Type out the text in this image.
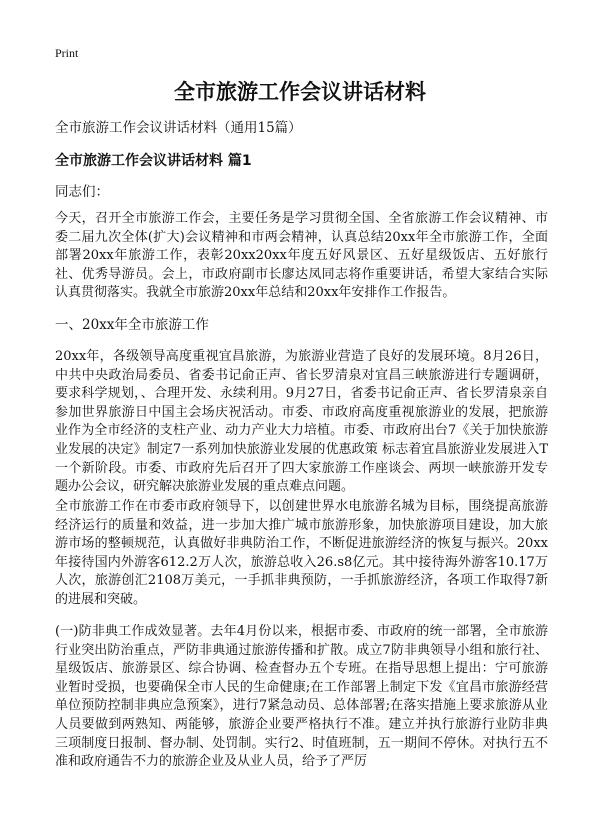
Print
全市旅游工作会议讲话材料
全市旅游工作会议讲话材料（通用15篇）
全市旅游工作会议讲话材料 篇1
同志们：
今天，召开全市旅游工作会，主要任务是学习贯彻全国、全省旅游工作会议精神、市委二届九次全体(扩大)会议精神和市两会精神，认真总结20xx年全市旅游工作，全面部署20xx年旅游工作，表彰20xx20xx年度五好风景区、五好星级饭店、五好旅行社、优秀导游员。会上，市政府副市长廖达凤同志将作重要讲话，希望大家结合实际认真贯彻落实。我就全市旅游20xx年总结和20xx年安排作工作报告。
一、20xx年全市旅游工作
20xx年，各级领导高度重视宜昌旅游，为旅游业营造了良好的发展环境。8月26日，中共中央政治局委员、省委书记俞正声、省长罗清泉对宜昌三峡旅游进行专题调研，要求科学规划，、合理开发、永续利用。9月27日，省委书记俞正声、省长罗清泉亲自参加世界旅游日中国主会场庆祝活动。市委、市政府高度重视旅游业的发展，把旅游业作为全市经济的支柱产业、动力产业大力培植。市委、市政府出台7《关于加快旅游业发展的决定》制定7一系列加快旅游业发展的优惠政策 标志着宜昌旅游业发展进入T一个新阶段。市委、市政府先后召开了四大家旅游工作座谈会、两坝一峡旅游开发专题办公会议，研究解决旅游业发展的重点难点问题。
全市旅游工作在市委市政府领导下，以创建世界水电旅游名城为目标，围绕提高旅游经济运行的质量和效益，进一步加大推广城市旅游形象，加快旅游项目建设，加大旅游市场的整顿规范，认真做好非典防治工作，不断促进旅游经济的恢复与振兴。20xx年接待国内外游客612.2万人次，旅游总收入26.s8亿元。其中接待海外游客10.17万人次，旅游创汇2108万美元，一手抓非典预防，一手抓旅游经济，各项工作取得7新的进展和突破。
(一)防非典工作成效显著。去年4月份以来，根据市委、市政府的统一部署，全市旅游行业突出防治重点，严防非典通过旅游传播和扩散。成立7防非典领导小组和旅行社、星级饭店、旅游景区、综合协调、检查督办五个专班。在指导思想上提出：宁可旅游业暂时受损，也要确保全市人民的生命健康;在工作部署上制定下发《宜昌市旅游经营单位预防控制非典应急预案》，进行7紧急动员、总体部署;在落实措施上要求旅游从业人员要做到两熟知、两能够，旅游企业要严格执行不准。建立并执行旅游行业防非典三项制度日报制、督办制、处罚制。实行2、时值班制，五一期间不停休。对执行五不准和政府通告不力的旅游企业及从业人员，给予了严厉
